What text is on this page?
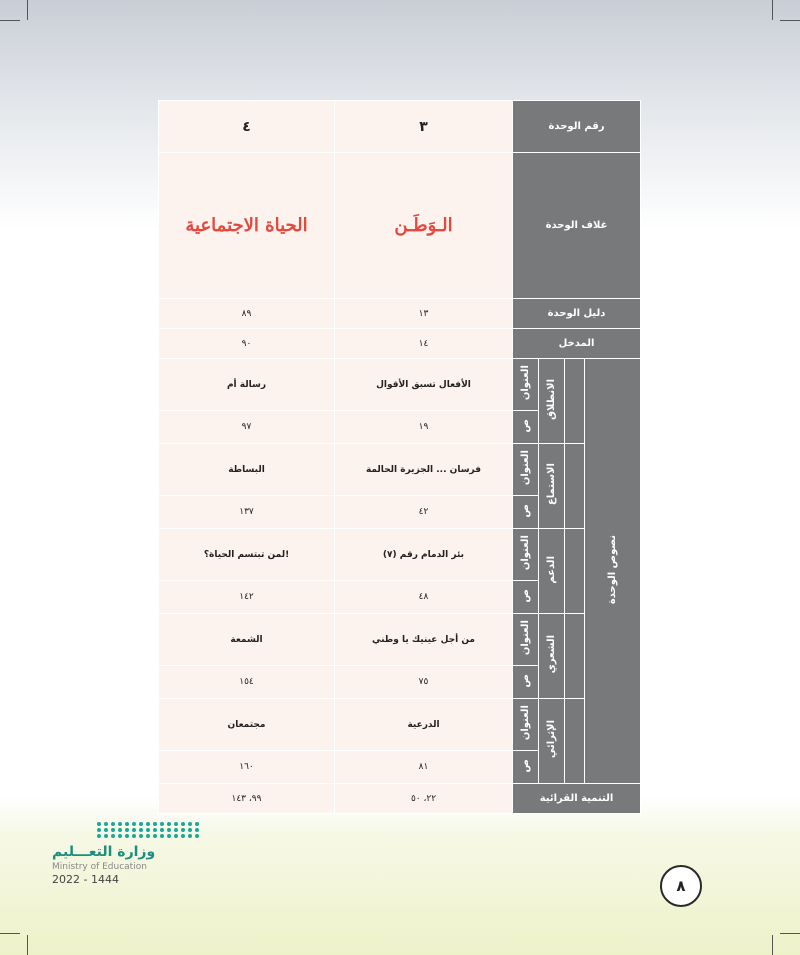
٤	٣	رقم الوحدة			
الحياة الاجتماعية	الـوَطَـن	غلاف الوحدة			
٨٩	١٣	دليل الوحدة			
٩٠	١٤	المدخل			
رسالة أم	الأفعال تسبق الأقوال	العنوان	الانطلاق		نصوص الوحدة
٩٧	١٩	ص			
البساطة	فرسان ... الجزيرة الحالمة	العنوان	الاستماع		
١٣٧	٤٢	ص			
لمن تبتسم الحياة؟!	بئر الدمام رقم (٧)	العنوان	الدعم		
١٤٢	٤٨	ص			
الشمعة	من أجل عينيك يا وطني	العنوان	الشعري		
١٥٤	٧٥	ص			
مجتمعان	الدرعية	العنوان	الإثرائي		
١٦٠	٨١	ص			
٩٩، ١٤٣	٢٢، ٥٠	التنمية القرائية			
وزارة التعـــليم
Ministry of Education
2022 - 1444	٨
